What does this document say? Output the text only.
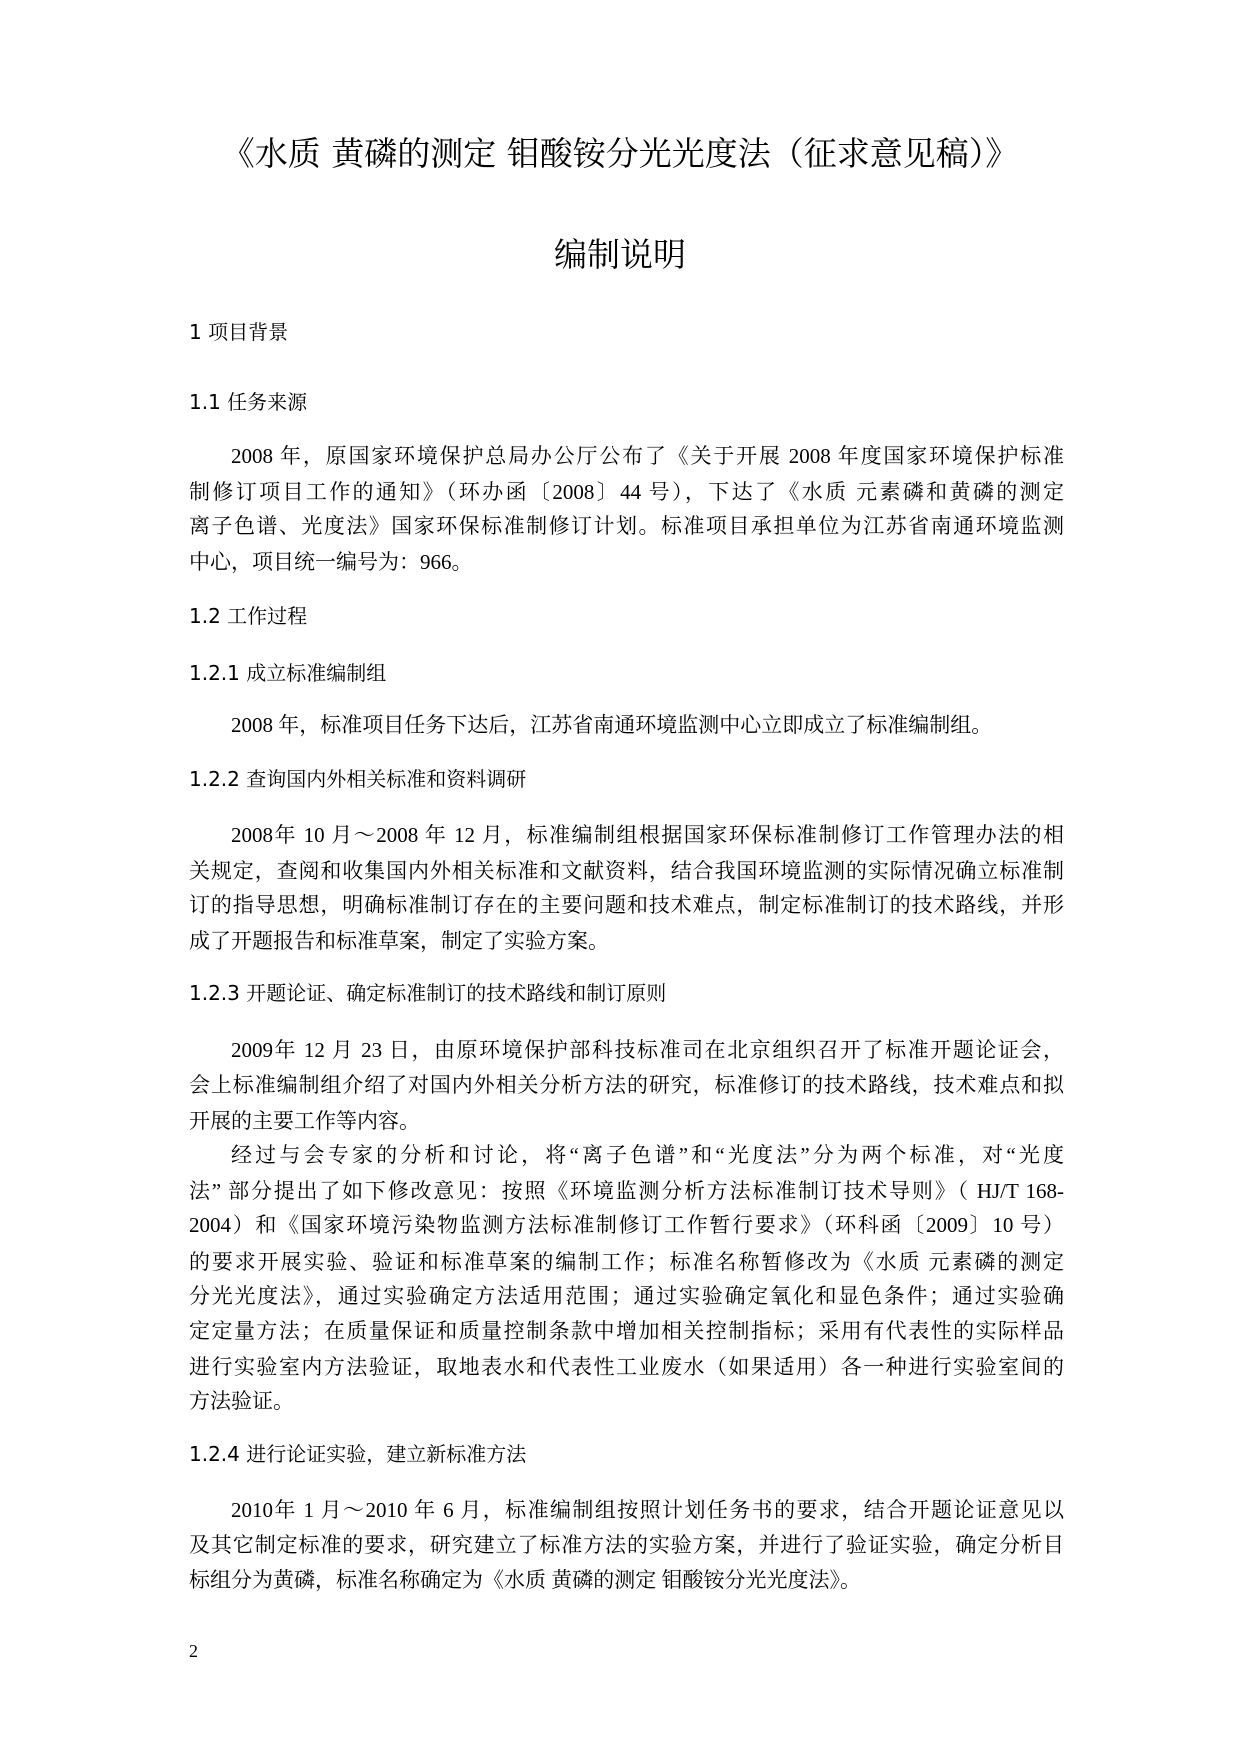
《水质 黄磷的测定 钼酸铵分光光度法（征求意见稿）》
编制说明
2
1 项目背景
1.1 任务来源
2008 年，原国家环境保护总局办公厅公布了《关于开展 2008 年度国家环境保护标准
制修订项目工作的通知》（环办函〔2008〕44 号），下达了《水质 元素磷和黄磷的测定
离子色谱、光度法》国家环保标准制修订计划。标准项目承担单位为江苏省南通环境监测
中心，项目统一编号为：966。
1.2 工作过程
1.2.1 成立标准编制组
2008 年，标准项目任务下达后，江苏省南通环境监测中心立即成立了标准编制组。
1.2.2 查询国内外相关标准和资料调研
2008年 10 月～2008 年 12 月，标准编制组根据国家环保标准制修订工作管理办法的相
关规定，查阅和收集国内外相关标准和文献资料，结合我国环境监测的实际情况确立标准制
订的指导思想，明确标准制订存在的主要问题和技术难点，制定标准制订的技术路线，并形
成了开题报告和标准草案，制定了实验方案。
1.2.3 开题论证、确定标准制订的技术路线和制订原则
2009年 12 月 23 日，由原环境保护部科技标准司在北京组织召开了标准开题论证会，
会上标准编制组介绍了对国内外相关分析方法的研究，标准修订的技术路线，技术难点和拟
开展的主要工作等内容。
经过与会专家的分析和讨论，将“离子色谱”和“光度法”分为两个标准，对“光度
法” 部分提出了如下修改意见：按照《环境监测分析方法标准制订技术导则》（ HJ/T 168-
2004）和《国家环境污染物监测方法标准制修订工作暂行要求》（环科函〔2009〕10 号）
的要求开展实验、验证和标准草案的编制工作；标准名称暂修改为《水质 元素磷的测定
分光光度法》，通过实验确定方法适用范围；通过实验确定氧化和显色条件；通过实验确
定定量方法；在质量保证和质量控制条款中增加相关控制指标；采用有代表性的实际样品
进行实验室内方法验证，取地表水和代表性工业废水（如果适用）各一种进行实验室间的
方法验证。
1.2.4 进行论证实验，建立新标准方法
2010年 1 月～2010 年 6 月，标准编制组按照计划任务书的要求，结合开题论证意见以
及其它制定标准的要求，研究建立了标准方法的实验方案，并进行了验证实验，确定分析目
标组分为黄磷，标准名称确定为《水质 黄磷的测定 钼酸铵分光光度法》。
